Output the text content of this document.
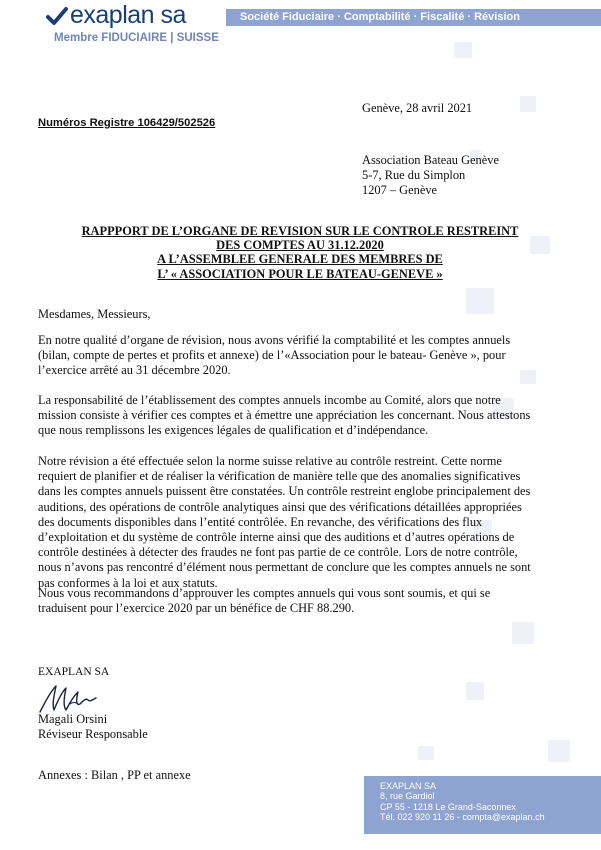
exaplan sa
Membre FIDUCIAIRE | SUISSE
Société Fiduciaire · Comptabilité · Fiscalité · Révision
Genève, 28 avril 2021
Numéros Registre 106429/502526
Association Bateau Genève
5-7, Rue du Simplon
1207 – Genève
RAPPPORT DE L’ORGANE DE REVISION SUR LE CONTROLE RESTREINT
DES COMPTES AU 31.12.2020
A L’ASSEMBLEE GENERALE DES MEMBRES DE
L’ « ASSOCIATION POUR LE BATEAU-GENEVE »
Mesdames, Messieurs,
En notre qualité d’organe de révision, nous avons vérifié la comptabilité et les comptes annuels
(bilan, compte de pertes et profits et annexe) de l’«Association pour le bateau- Genève », pour
l’exercice arrêté au 31 décembre 2020.
La responsabilité de l’établissement des comptes annuels incombe au Comité, alors que notre
mission consiste à vérifier ces comptes et à émettre une appréciation les concernant. Nous attestons
que nous remplissons les exigences légales de qualification et d’indépendance.
Notre révision a été effectuée selon la norme suisse relative au contrôle restreint. Cette norme
requiert de planifier et de réaliser la vérification de manière telle que des anomalies significatives
dans les comptes annuels puissent être constatées. Un contrôle restreint englobe principalement des
auditions, des opérations de contrôle analytiques ainsi que des vérifications détaillées appropriées
des documents disponibles dans l’entité contrôlée. En revanche, des vérifications des flux
d’exploitation et du système de contrôle interne ainsi que des auditions et d’autres opérations de
contrôle destinées à détecter des fraudes ne font pas partie de ce contrôle. Lors de notre contrôle,
nous n’avons pas rencontré d’élément nous permettant de conclure que les comptes annuels ne sont
pas conformes à la loi et aux statuts.
Nous vous recommandons d’approuver les comptes annuels qui vous sont soumis, et qui se
traduisent pour l’exercice 2020 par un bénéfice de CHF 88.290.
EXAPLAN SA
Magali Orsini
Réviseur Responsable
Annexes : Bilan , PP et annexe
EXAPLAN SA
8, rue Gardiol
CP 55 - 1218 Le Grand-Saconnex
Tél. 022 920 11 26 - compta@exaplan.ch
